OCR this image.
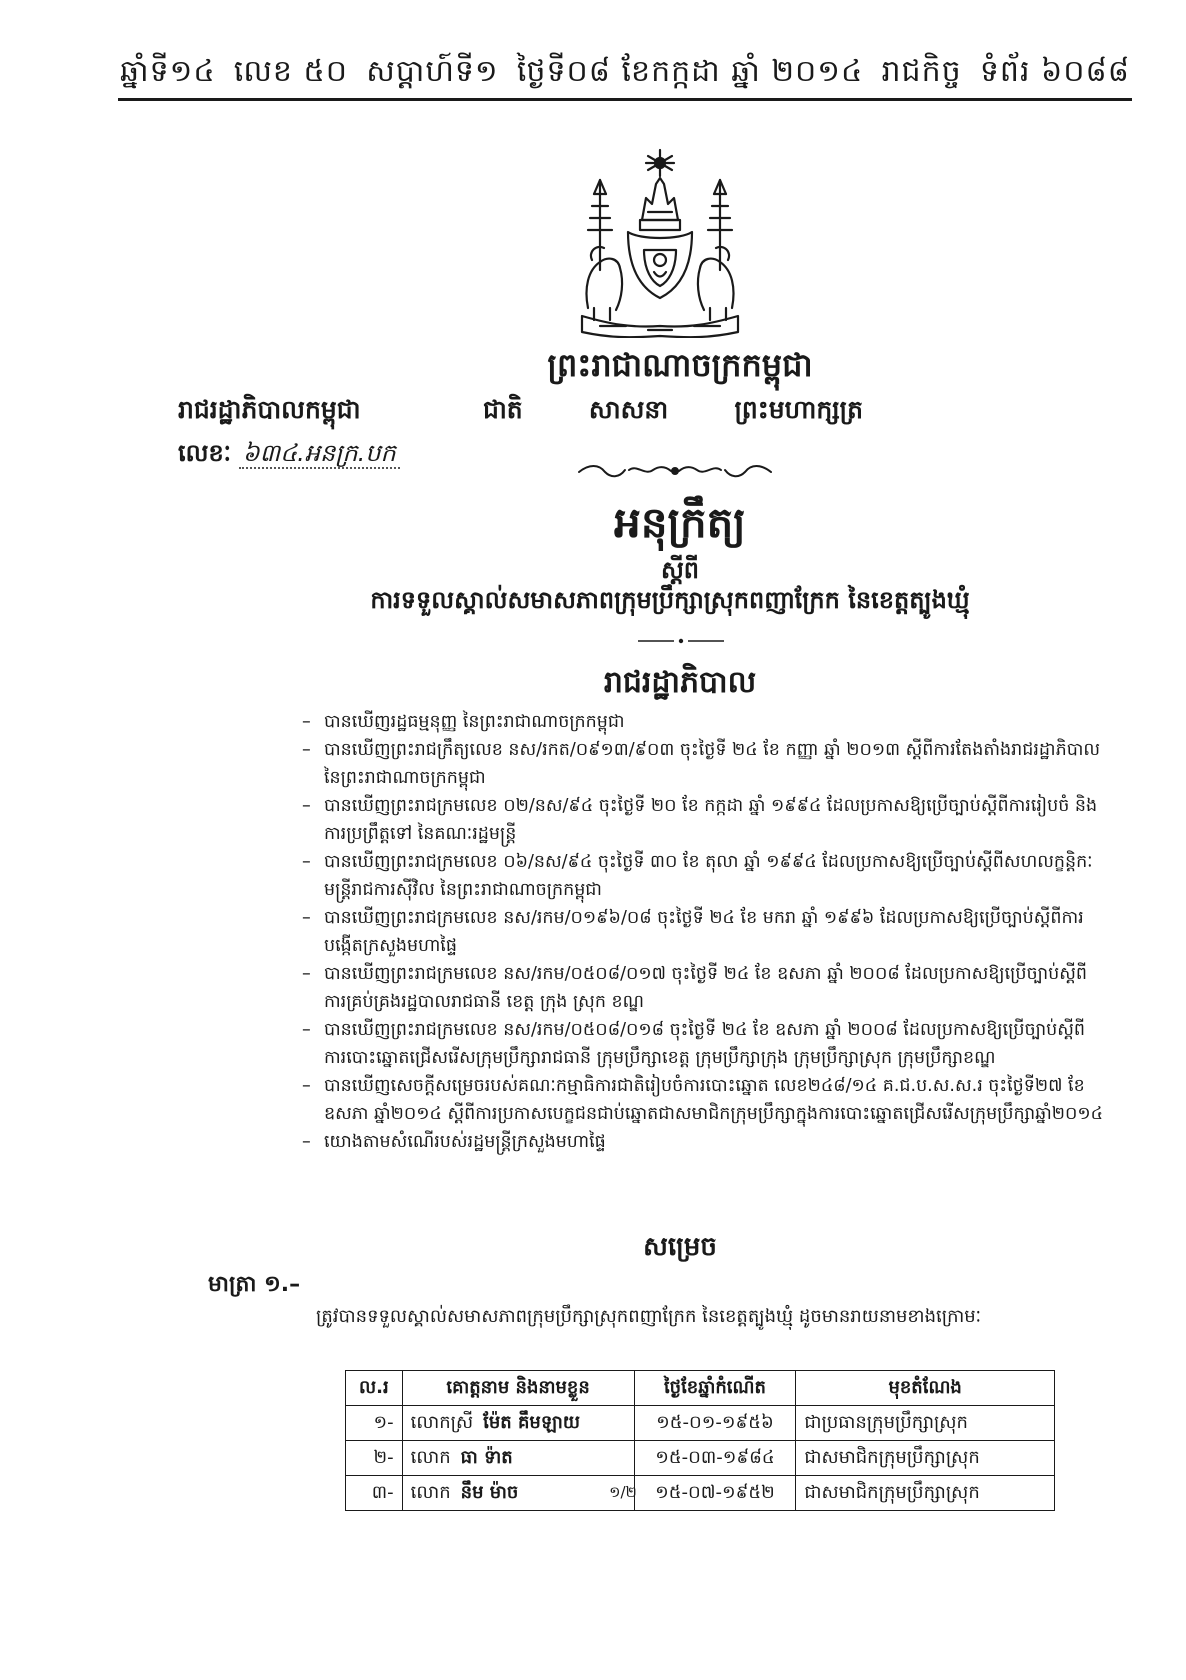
ឆ្នាំទី១៤ លេខ ៥០ សប្តាហ៍ទី១ ថ្ងៃទី០៨ ខែកក្កដា ឆ្នាំ ២០១៤ រាជកិច្ច ទំព័រ ៦០៨៨
ព្រះរាជាណាចក្រកម្ពុជា
រាជរដ្ឋាភិបាលកម្ពុជា	ជាតិ	សាសនា	ព្រះមហាក្សត្រ
លេខៈ ៦៣៤.អនក្រ.បក
អនុក្រឹត្យ
ស្តីពី
ការទទួលស្គាល់សមាសភាពក្រុមប្រឹក្សាស្រុកពញាក្រែក នៃខេត្តត្បូងឃ្មុំ
រាជរដ្ឋាភិបាល
– បានឃើញរដ្ឋធម្មនុញ្ញ នៃព្រះរាជាណាចក្រកម្ពុជា
– បានឃើញព្រះរាជក្រឹត្យលេខ នស/រកត/០៩១៣/៩០៣ ចុះថ្ងៃទី ២៤ ខែ កញ្ញា ឆ្នាំ ២០១៣ ស្តីពីការតែងតាំងរាជរដ្ឋាភិបាល នៃព្រះរាជាណាចក្រកម្ពុជា
– បានឃើញព្រះរាជក្រមលេខ ០២/នស/៩៤ ចុះថ្ងៃទី ២០ ខែ កក្កដា ឆ្នាំ ១៩៩៤ ដែលប្រកាសឱ្យប្រើច្បាប់ស្តីពីការរៀបចំ និងការប្រព្រឹត្តទៅ នៃគណៈរដ្ឋមន្ត្រី
– បានឃើញព្រះរាជក្រមលេខ ០៦/នស/៩៤ ចុះថ្ងៃទី ៣០ ខែ តុលា ឆ្នាំ ១៩៩៤ ដែលប្រកាសឱ្យប្រើច្បាប់ស្តីពីសហលក្ខន្តិកៈមន្ត្រីរាជការស៊ីវិល នៃព្រះរាជាណាចក្រកម្ពុជា
– បានឃើញព្រះរាជក្រមលេខ នស/រកម/០១៩៦/០៨ ចុះថ្ងៃទី ២៤ ខែ មករា ឆ្នាំ ១៩៩៦ ដែលប្រកាសឱ្យប្រើច្បាប់ស្តីពីការបង្កើតក្រសួងមហាផ្ទៃ
– បានឃើញព្រះរាជក្រមលេខ នស/រកម/០៥០៨/០១៧ ចុះថ្ងៃទី ២៤ ខែ ឧសភា ឆ្នាំ ២០០៨ ដែលប្រកាសឱ្យប្រើច្បាប់ស្តីពីការគ្រប់គ្រងរដ្ឋបាលរាជធានី ខេត្ត ក្រុង ស្រុក ខណ្ឌ
– បានឃើញព្រះរាជក្រមលេខ នស/រកម/០៥០៨/០១៨ ចុះថ្ងៃទី ២៤ ខែ ឧសភា ឆ្នាំ ២០០៨ ដែលប្រកាសឱ្យប្រើច្បាប់ស្តីពីការបោះឆ្នោតជ្រើសរើសក្រុមប្រឹក្សារាជធានី ក្រុមប្រឹក្សាខេត្ត ក្រុមប្រឹក្សាក្រុង ក្រុមប្រឹក្សាស្រុក ក្រុមប្រឹក្សាខណ្ឌ
– បានឃើញសេចក្តីសម្រេចរបស់គណៈកម្មាធិការជាតិរៀបចំការបោះឆ្នោត លេខ២៤៨/១៤ គ.ជ.ប.ស.ស.រ ចុះថ្ងៃទី២៧ ខែឧសភា ឆ្នាំ២០១៤ ស្តីពីការប្រកាសបេក្ខជនជាប់ឆ្នោតជាសមាជិកក្រុមប្រឹក្សាក្នុងការបោះឆ្នោតជ្រើសរើសក្រុមប្រឹក្សាឆ្នាំ២០១៤
– យោងតាមសំណើរបស់រដ្ឋមន្ត្រីក្រសួងមហាផ្ទៃ
សម្រេច
មាត្រា ១.–
ត្រូវបានទទួលស្គាល់សមាសភាពក្រុមប្រឹក្សាស្រុកពញាក្រែក នៃខេត្តត្បូងឃ្មុំ ដូចមានរាយនាមខាងក្រោមៈ
ល.រ	គោត្តនាម និងនាមខ្លួន	ថ្ងៃខែឆ្នាំកំណើត	មុខតំណែង
១-	លោកស្រី ម៉ែត គឹមឡាយ	១៥-០១-១៩៥៦	ជាប្រធានក្រុមប្រឹក្សាស្រុក
២-	លោក ធា ទ៉ាត	១៥-០៣-១៩៨៤	ជាសមាជិកក្រុមប្រឹក្សាស្រុក
៣-	លោក នឹម ម៉ាច	១៥-០៧-១៩៥២	ជាសមាជិកក្រុមប្រឹក្សាស្រុក
១/២
